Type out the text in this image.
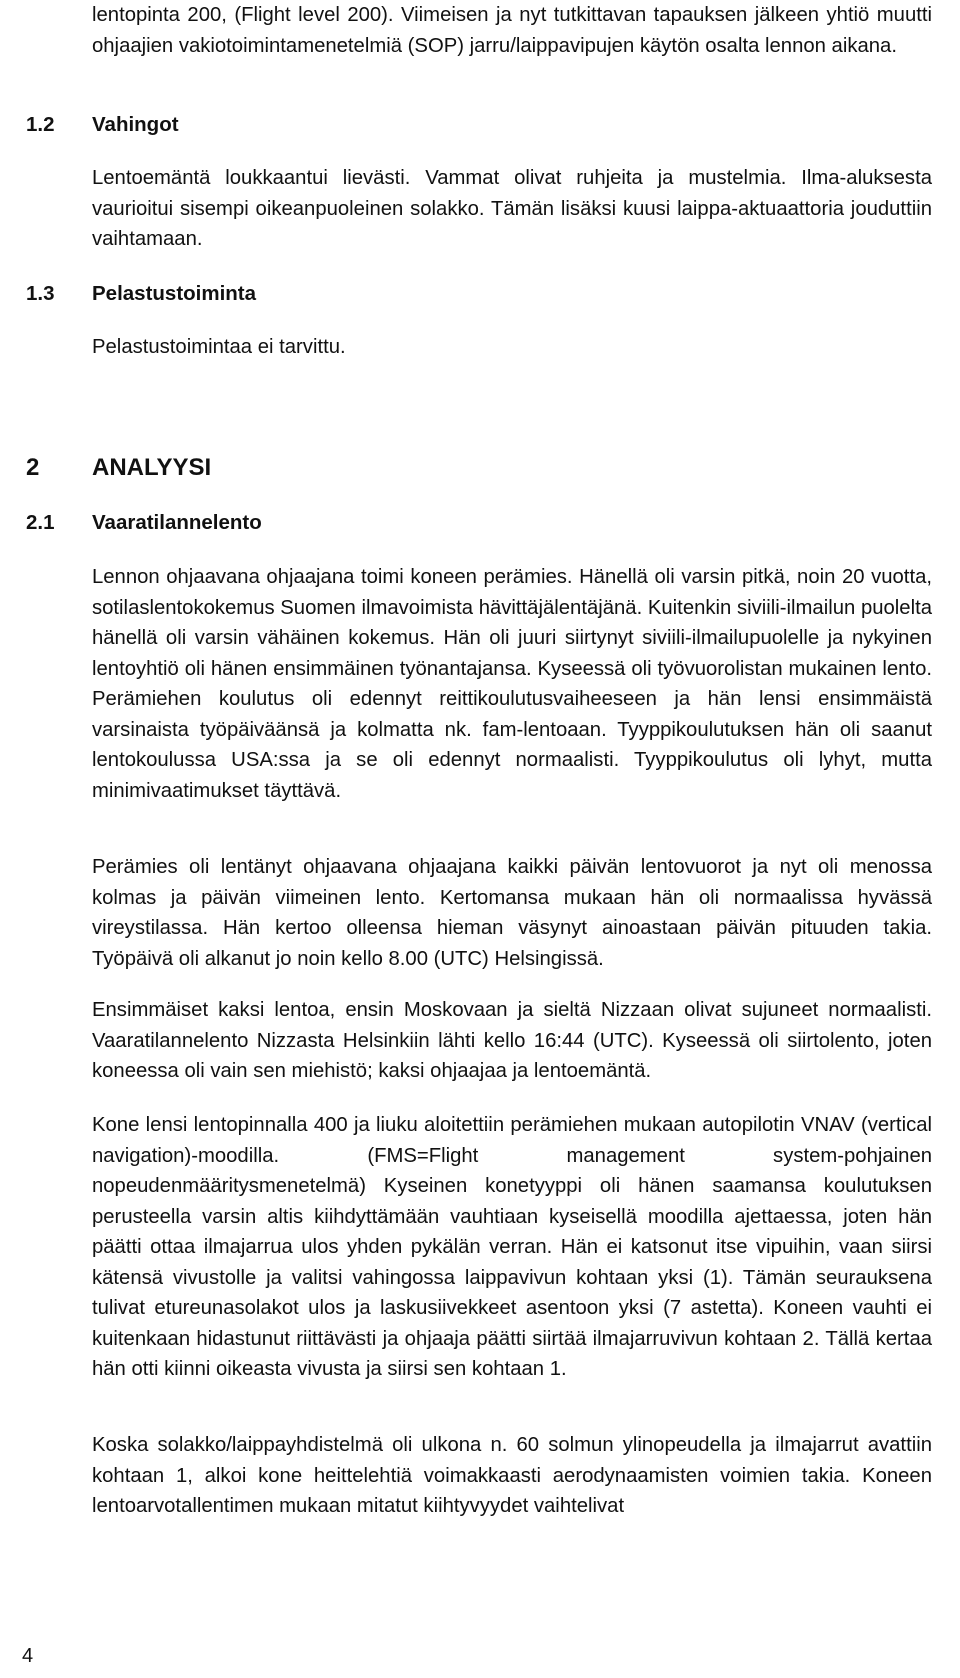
lentopinta 200, (Flight level 200). Viimeisen ja nyt tutkittavan tapauksen jälkeen yhtiö muutti ohjaajien vakiotoimintamenetelmiä (SOP) jarru/laippavipujen käytön osalta lennon aikana.

1.2 Vahingot

Lentoemäntä loukkaantui lievästi. Vammat olivat ruhjeita ja mustelmia. Ilma-aluksesta vaurioitui sisempi oikeanpuoleinen solakko. Tämän lisäksi kuusi laippa-aktuaattoria jouduttiin vaihtamaan.

1.3 Pelastustoiminta

Pelastustoimintaa ei tarvittu.

2 ANALYYSI
2.1 Vaaratilannelento

Lennon ohjaavana ohjaajana toimi koneen perämies. Hänellä oli varsin pitkä, noin 20 vuotta, sotilaslentokokemus Suomen ilmavoimista hävittäjälentäjänä. Kuitenkin siviili-ilmailun puolelta hänellä oli varsin vähäinen kokemus. Hän oli juuri siirtynyt siviili-ilmailupuolelle ja nykyinen lentoyhtiö oli hänen ensimmäinen työnantajansa. Kyseessä oli työvuorolistan mukainen lento. Perämiehen koulutus oli edennyt reittikoulutusvaiheeseen ja hän lensi ensimmäistä varsinaista työpäiväänsä ja kolmatta nk. fam-lentoaan. Tyyppikoulutuksen hän oli saanut lentokoulussa USA:ssa ja se oli edennyt normaalisti. Tyyppikoulutus oli lyhyt, mutta minimivaatimukset täyttävä.

Perämies oli lentänyt ohjaavana ohjaajana kaikki päivän lentovuorot ja nyt oli menossa kolmas ja päivän viimeinen lento. Kertomansa mukaan hän oli normaalissa hyvässä vireystilassa. Hän kertoo olleensa hieman väsynyt ainoastaan päivän pituuden takia. Työpäivä oli alkanut jo noin kello 8.00 (UTC) Helsingissä.

Ensimmäiset kaksi lentoa, ensin Moskovaan ja sieltä Nizzaan olivat sujuneet normaalisti. Vaaratilannelento Nizzasta Helsinkiin lähti kello 16:44 (UTC). Kyseessä oli siirtolento, joten koneessa oli vain sen miehistö; kaksi ohjaajaa ja lentoemäntä.

Kone lensi lentopinnalla 400 ja liuku aloitettiin perämiehen mukaan autopilotin VNAV (vertical navigation)-moodilla. (FMS=Flight management system-pohjainen nopeudenmääritysmenetelmä) Kyseinen konetyyppi oli hänen saamansa koulutuksen perusteella varsin altis kiihdyttämään vauhtiaan kyseisellä moodilla ajettaessa, joten hän päätti ottaa ilmajarrua ulos yhden pykälän verran. Hän ei katsonut itse vipuihin, vaan siirsi kätensä vivustolle ja valitsi vahingossa laippavivun kohtaan yksi (1). Tämän seurauksena tulivat etureunasolakot ulos ja laskusiivekkeet asentoon yksi (7 astetta). Koneen vauhti ei kuitenkaan hidastunut riittävästi ja ohjaaja päätti siirtää ilmajarruvivun kohtaan 2. Tällä kertaa hän otti kiinni oikeasta vivusta ja siirsi sen kohtaan 1.

Koska solakko/laippayhdistelmä oli ulkona n. 60 solmun ylinopeudella ja ilmajarrut avattiin kohtaan 1, alkoi kone heittelehtiä voimakkaasti aerodynaamisten voimien takia. Koneen lentoarvotallentimen mukaan mitatut kiihtyvyydet vaihtelivat

4
